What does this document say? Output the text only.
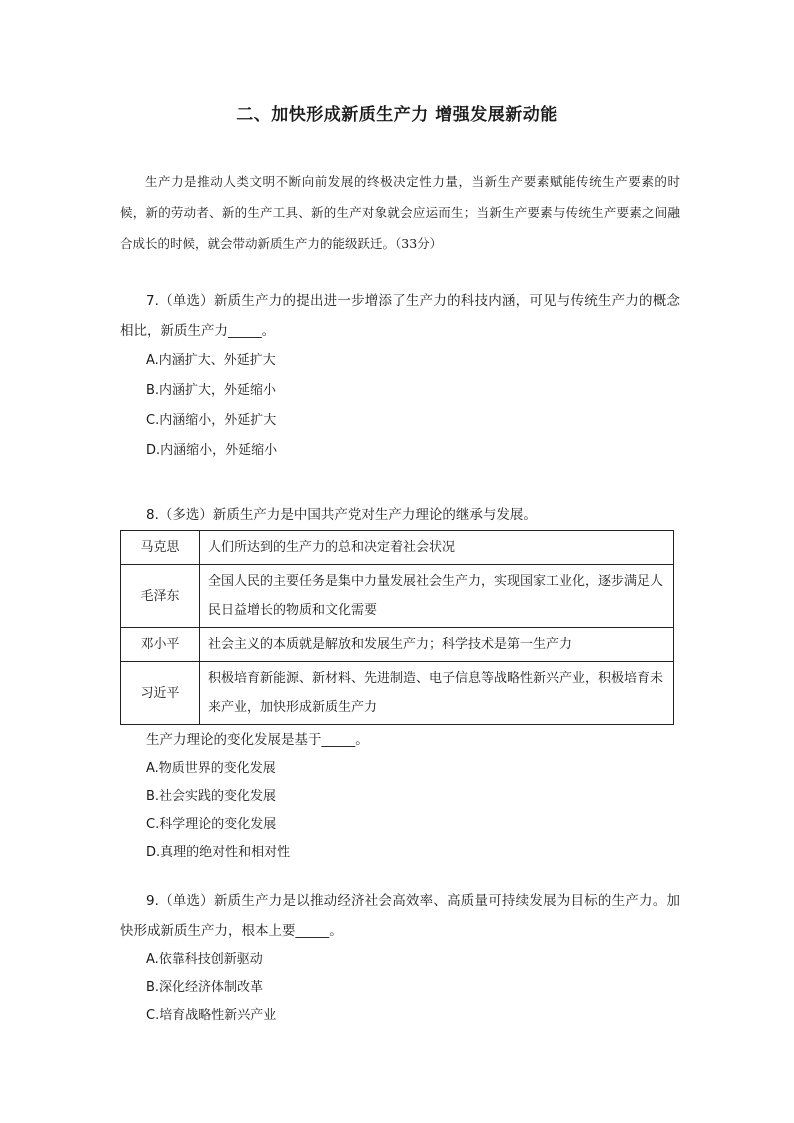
二、加快形成新质生产力 增强发展新动能
生产力是推动人类文明不断向前发展的终极决定性力量，当新生产要素赋能传统生产要素的时候，新的劳动者、新的生产工具、新的生产对象就会应运而生；当新生产要素与传统生产要素之间融合成长的时候，就会带动新质生产力的能级跃迁。（33分）
7.（单选）新质生产力的提出进一步增添了生产力的科技内涵，可见与传统生产力的概念相比，新质生产力_____。
A.内涵扩大、外延扩大
B.内涵扩大，外延缩小
C.内涵缩小，外延扩大
D.内涵缩小，外延缩小
8.（多选）新质生产力是中国共产党对生产力理论的继承与发展。
马克思	人们所达到的生产力的总和决定着社会状况
毛泽东	全国人民的主要任务是集中力量发展社会生产力，实现国家工业化，逐步满足人民日益增长的物质和文化需要
邓小平	社会主义的本质就是解放和发展生产力；科学技术是第一生产力
习近平	积极培育新能源、新材料、先进制造、电子信息等战略性新兴产业，积极培育未来产业，加快形成新质生产力
生产力理论的变化发展是基于_____。
A.物质世界的变化发展
B.社会实践的变化发展
C.科学理论的变化发展
D.真理的绝对性和相对性
9.（单选）新质生产力是以推动经济社会高效率、高质量可持续发展为目标的生产力。加快形成新质生产力，根本上要_____。
A.依靠科技创新驱动
B.深化经济体制改革
C.培育战略性新兴产业
